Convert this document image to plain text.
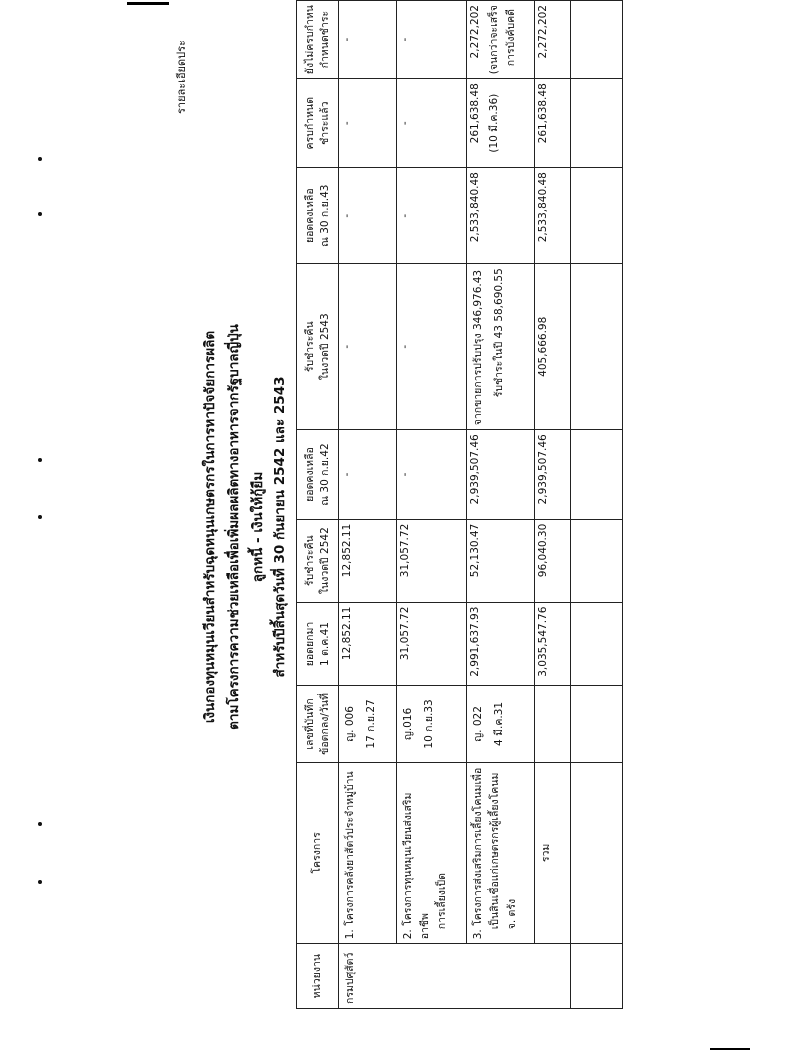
เงินกองทุนหมุนเวียนสำหรับฉุดหนุนเกษตรกรในการหาปัจจัยการผลิต ตามโครงการความช่วยเหลือเพื่อเพิ่มผลผลิตทางอาหารจากรัฐบาลญี่ปุ่น ลูกหนี้ - เงินให้กู้ยืม สำหรับปีสิ้นสุดวันที่ 30 กันยายน 2542 และ 2543
รายละเอียดประ
หน่วยงาน	โครงการ	เลขที่บันทึก ข้อตกลง/วันที่	ยอดยกมา 1 ต.ค.41	รับชำระคืน ในงวดปี 2542	ยอดคงเหลือ ณ 30 ก.ย.42	รับชำระคืน ในงวดปี 2543	ยอดคงเหลือ ณ 30 ก.ย.43	ครบกำหนด ชำระแล้ว	ยังไม่ครบกำหน กำหนดชำระ
กรมปศุสัตว์	1. โครงการคลังยาสัตว์ประจำหมู่บ้าน	ญ. 006 17 ก.ย.27	12,852.11	12,852.11	-	-	-	-	-
	2. โครงการทุนหมุนเวียนส่งเสริมอาชีพ การเลี้ยงเป็ด	ญ.016 10 ก.ย.33	31,057.72	31,057.72	-	-	-	-	-
	3. โครงการส่งเสริมการเลี้ยงโคนมเพื่อ เป็นสินเชื่อแก่เกษตรกรผู้เลี้ยงโคนม จ. ตรัง	ญ. 022 4 มี.ค.31	2,991,637.93	52,130.47	2,939,507.46	จากขายการปรับปรุง 346,976.43 รับชำระในปี 43 58,690.55	2,533,840.48	261,638.48 (10 มี.ค.36)	2,272,202 (จนกว่าจะเสร็จ การบังคับคดี

	รวม		3,035,547.76	96,040.30	2,939,507.46	405,666.98	2,533,840.48	261,638.48	2,272,202
